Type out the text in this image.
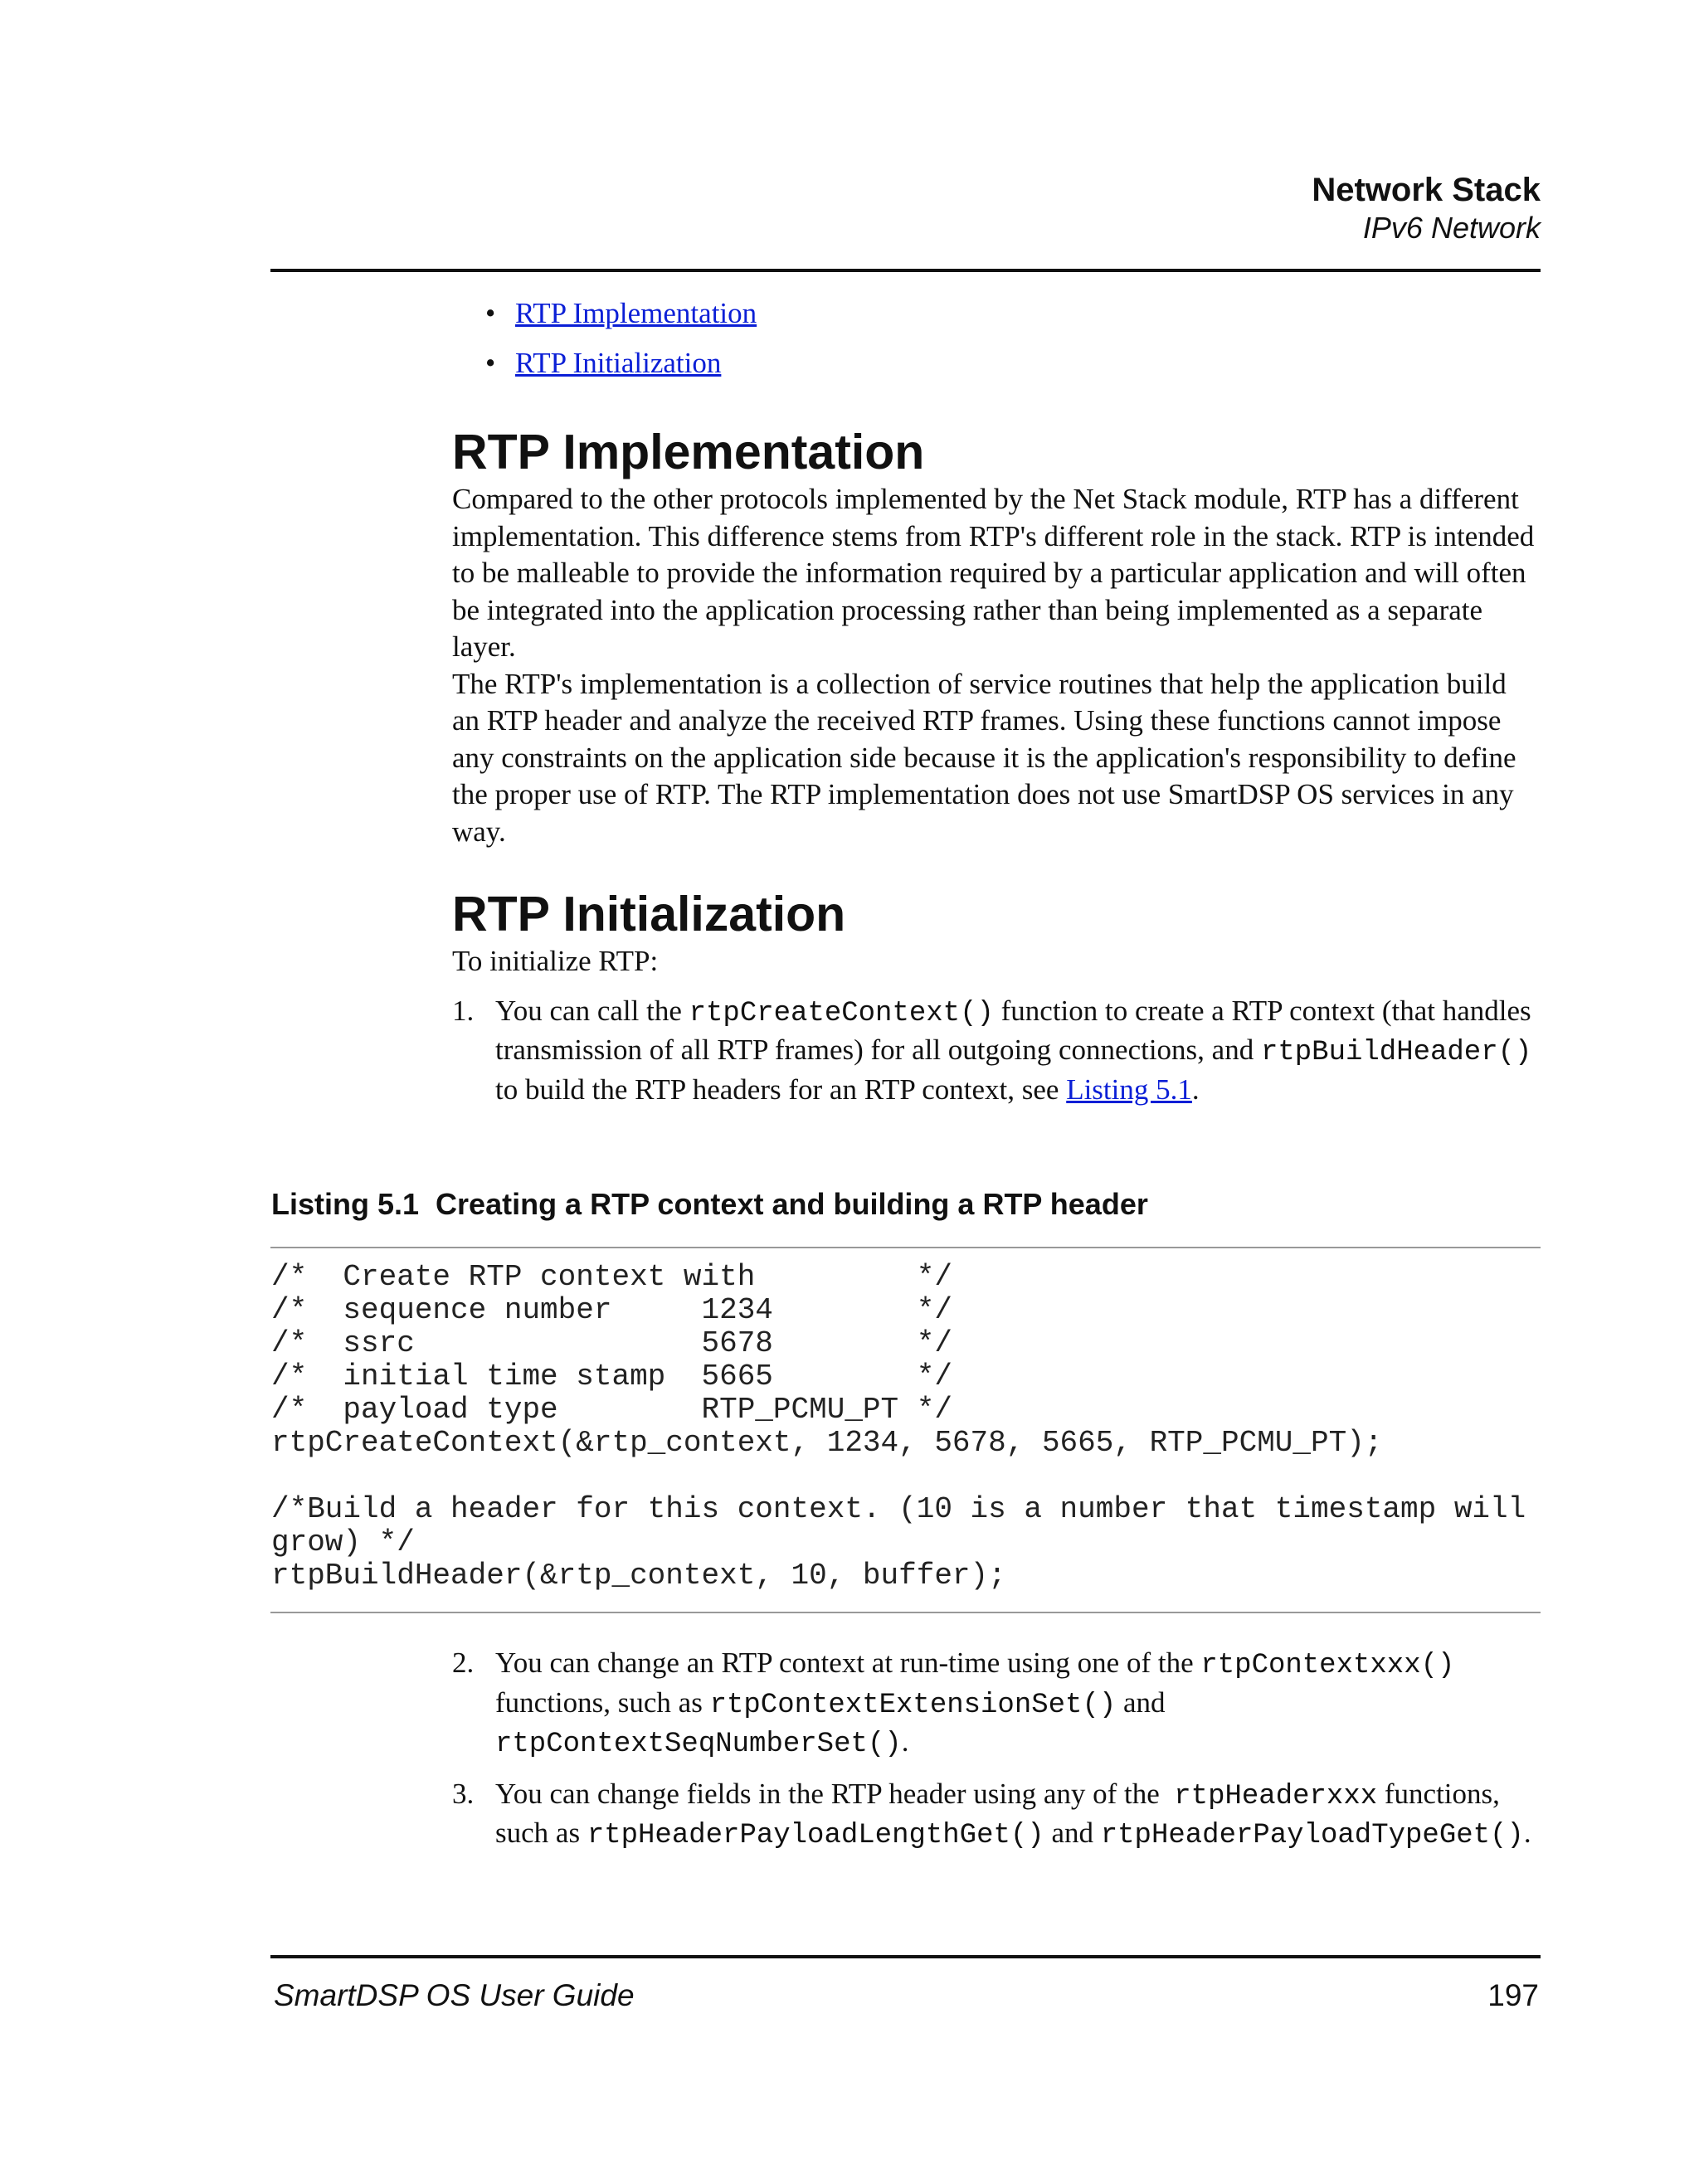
Network Stack
IPv6 Network
• RTP Implementation
• RTP Initialization
RTP Implementation

Compared to the other protocols implemented by the Net Stack module, RTP has a different implementation. This difference stems from RTP's different role in the stack. RTP is intended to be malleable to provide the information required by a particular application and will often be integrated into the application processing rather than being implemented as a separate layer.

The RTP's implementation is a collection of service routines that help the application build an RTP header and analyze the received RTP frames. Using these functions cannot impose any constraints on the application side because it is the application's responsibility to define the proper use of RTP. The RTP implementation does not use SmartDSP OS services in any way.

RTP Initialization

To initialize RTP:

1. You can call the rtpCreateContext() function to create a RTP context (that handles transmission of all RTP frames) for all outgoing connections, and rtpBuildHeader() to build the RTP headers for an RTP context, see Listing 5.1.
Listing 5.1  Creating a RTP context and building a RTP header
/*  Create RTP context with         */
/*  sequence number     1234        */
/*  ssrc                5678        */
/*  initial time stamp  5665        */
/*  payload type        RTP_PCMU_PT */
rtpCreateContext(&rtp_context, 1234, 5678, 5665, RTP_PCMU_PT);

/*Build a header for this context. (10 is a number that timestamp will
grow) */
rtpBuildHeader(&rtp_context, 10, buffer);
2. You can change an RTP context at run-time using one of the rtpContextxxx() functions, such as rtpContextExtensionSet() and rtpContextSeqNumberSet().
3. You can change fields in the RTP header using any of the  rtpHeaderxxx functions, such as rtpHeaderPayloadLengthGet() and rtpHeaderPayloadTypeGet().
SmartDSP OS User Guide	197
